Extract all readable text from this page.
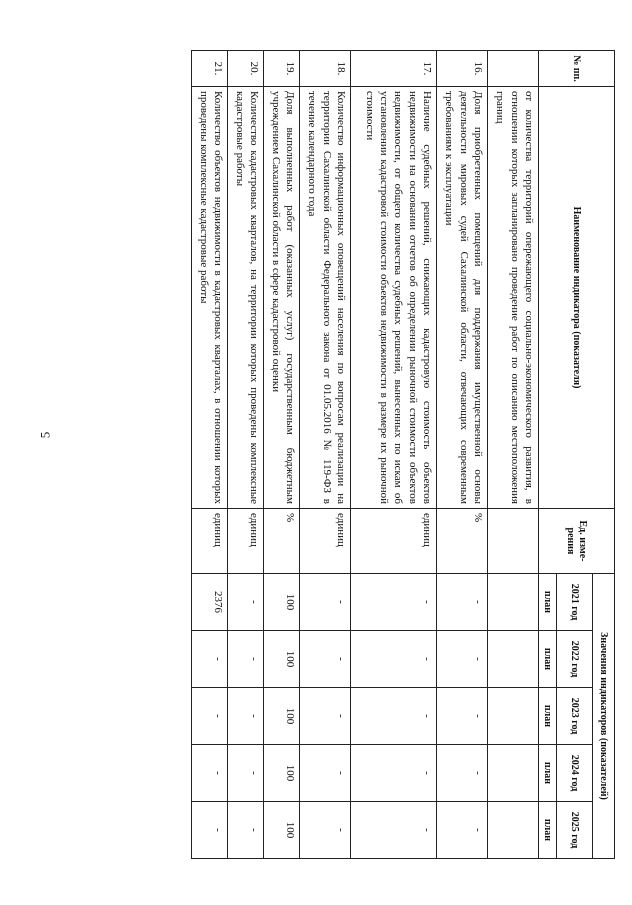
5
№ пп.	Наименование индикатора (показателя)	Ед. изме-рения	Значения индикаторов (показателей)				
			2021 год	2022 год	2023 год	2024 год	2025 год
			план	план	план	план	план
	от количества территорий опережающего социально-экономического развития, в отношении которых запланировано проведение работ по описанию местоположения границ						
16.	Доля приобретенных помещений для поддержания имущественной основы деятельности мировых судей Сахалинской области, отвечающих современным требованиям к эксплуатации	%	-	-	-	-	-
17.	Наличие судебных решений, снижающих кадастровую стоимость объектов недвижимости на основании отчетов об определении рыночной стоимости объектов недвижимости, от общего количества судебных решений, вынесенных по искам об установлении кадастровой стоимости объектов недвижимости в размере их рыночной стоимости	единиц	-	-	-	-	-
18.	Количество информационных оповещений населения по вопросам реализации на территории Сахалинской области Федерального закона от 01.05.2016 № 119-ФЗ в течение календарного года	единиц	-	-	-	-	-
19.	Доля выполненных работ (оказанных услуг) государственным бюджетным учреждением Сахалинской области в сфере кадастровой оценки	%	100	100	100	100	100
20.	Количество кадастровых кварталов, на территории которых проведены комплексные кадастровые работы	единиц	-	-	-	-	-
21.	Количество объектов недвижимости в кадастровых кварталах, в отношении которых проведены комплексные кадастровые работы	единиц	2376	-	-	-	-
